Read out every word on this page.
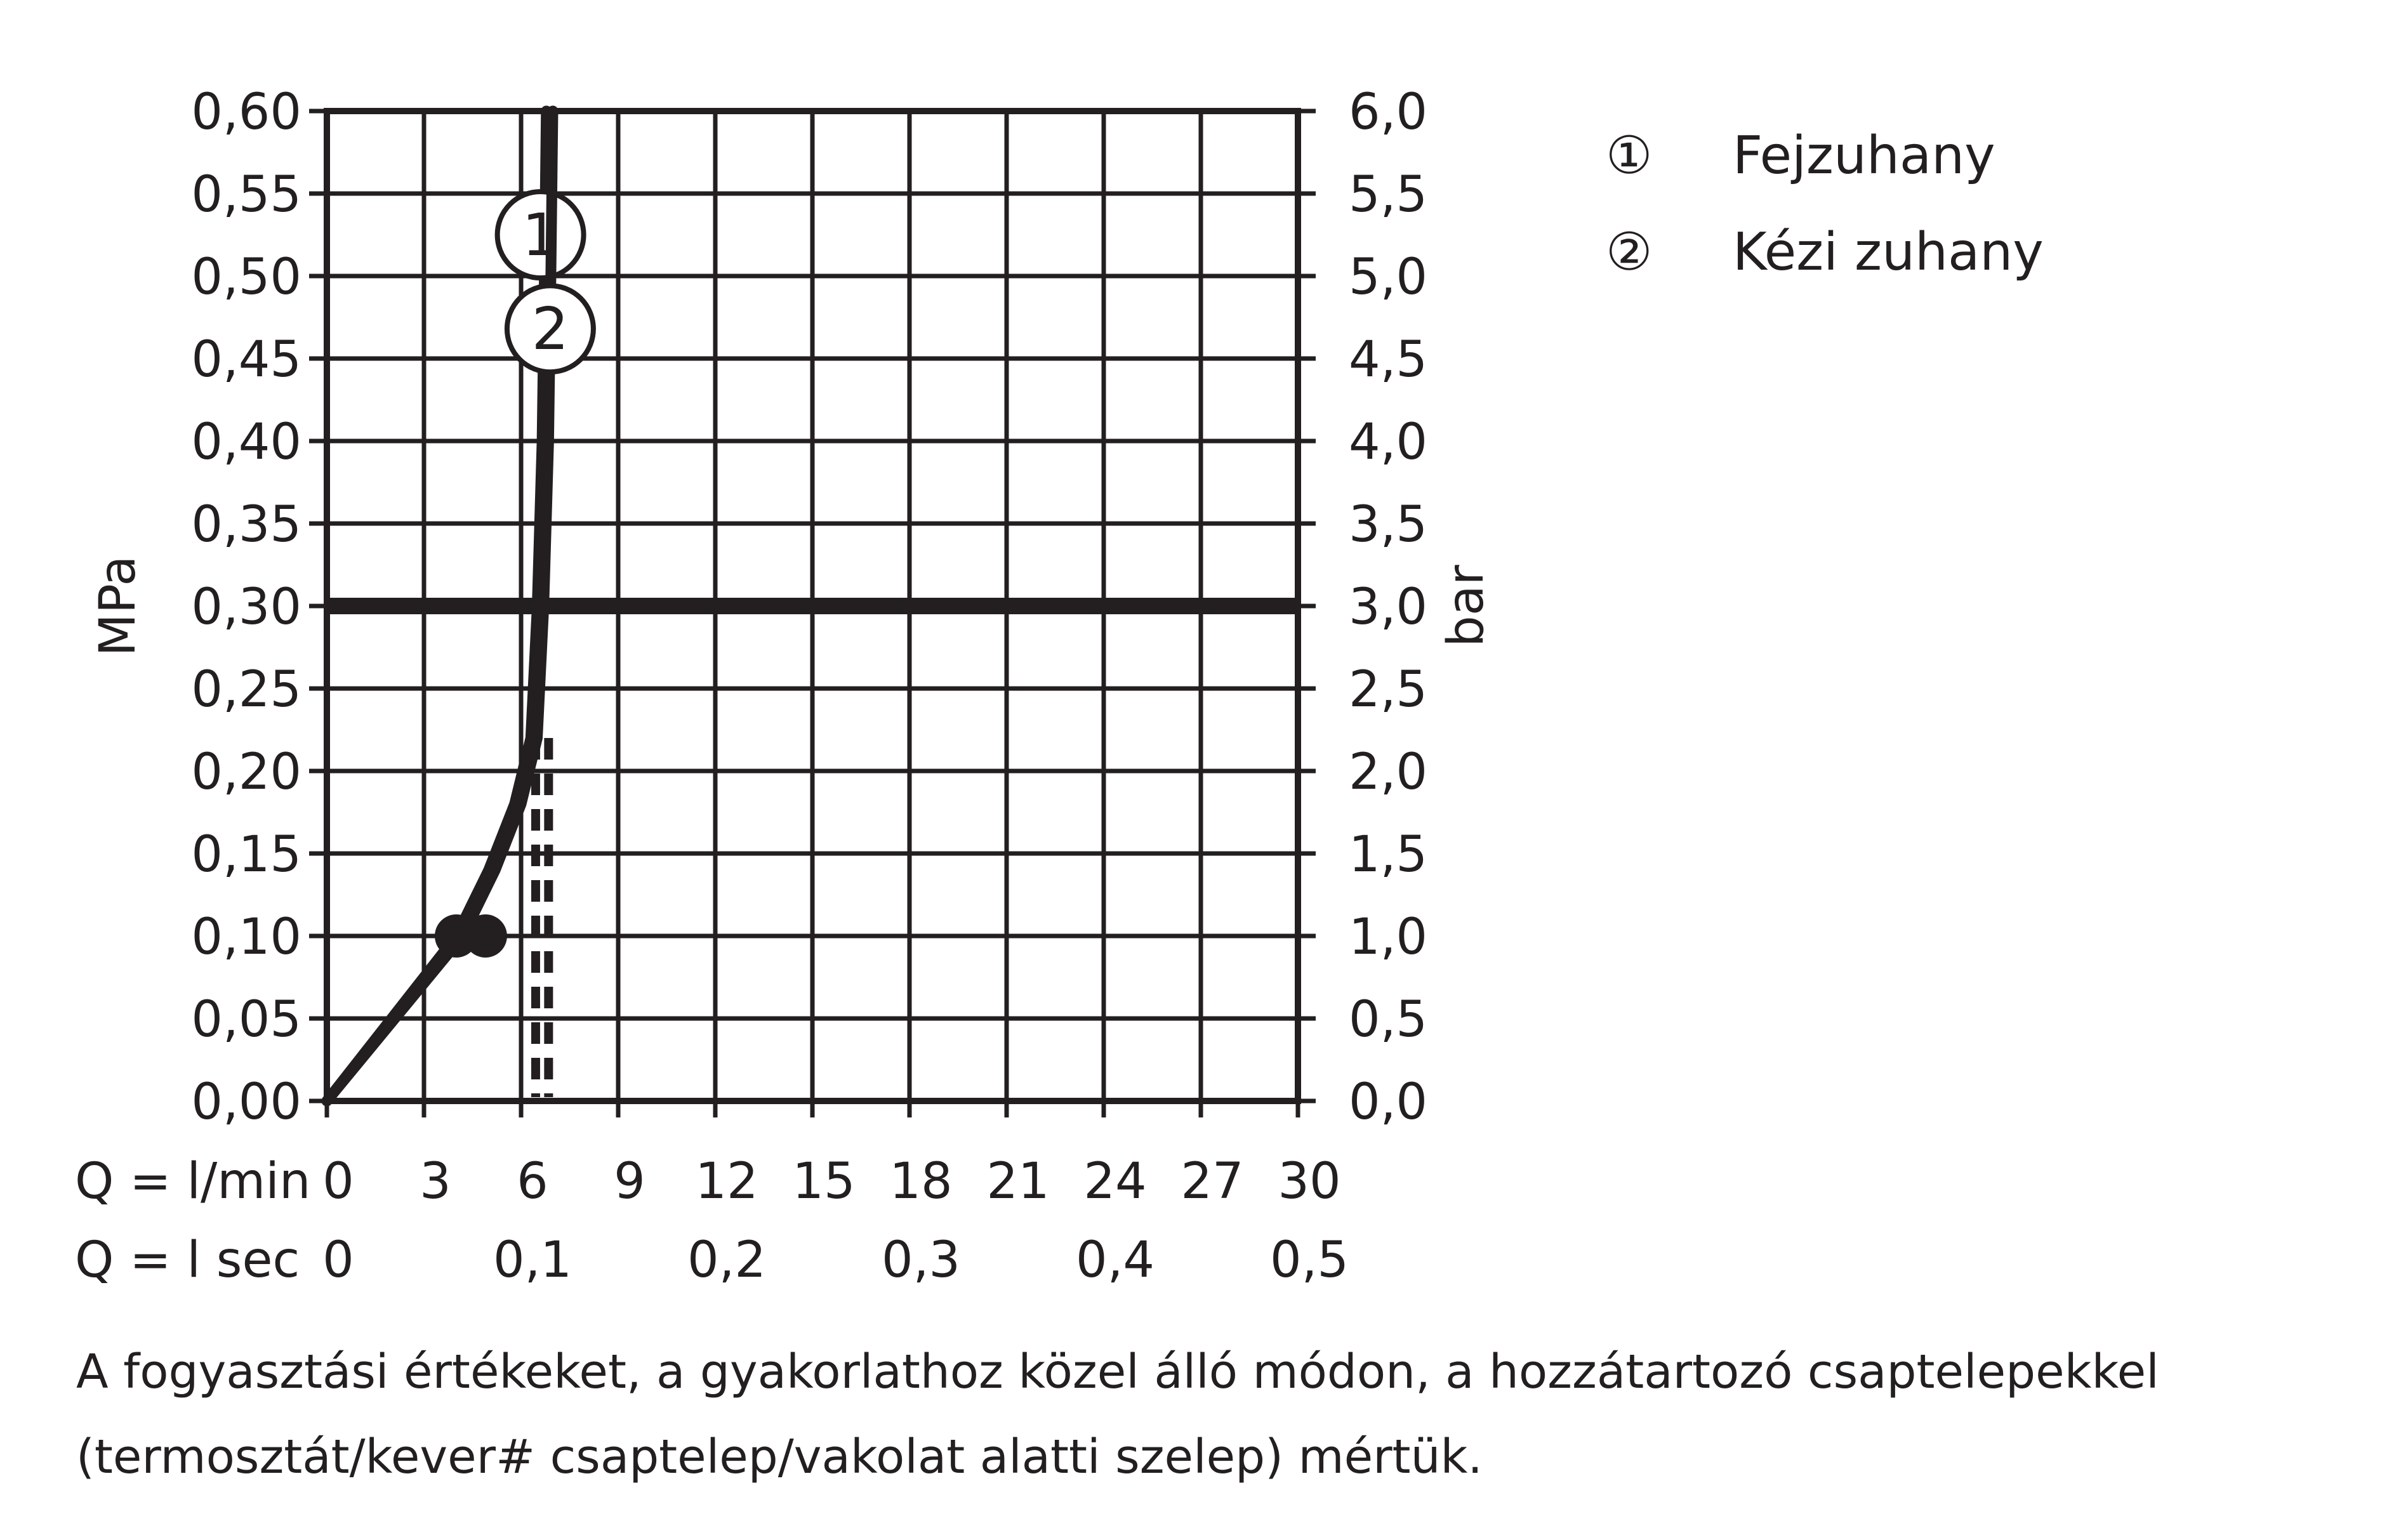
1
2
0,00	0,0
0,05	0,5
0,10	1,0
0,15	1,5
0,20	2,0
0,25	2,5
0,30	3,0
0,35	3,5
0,40	4,0
0,45	4,5
0,50	5,0
0,55	5,5
0,60	6,0
0 3 6 9 12 15 18 21 24 27 30
0	0,1 0,2 0,3 0,4 0,5
Q = l/min
Q = l sec
MPa	bar
①	Fejzuhany
②	Kézi zuhany
A fogyasztási értékeket, a gyakorlathoz közel álló módon, a hozzátartozó csaptelepekkel
(termosztát/kever# csaptelep/vakolat alatti szelep) mértük.
